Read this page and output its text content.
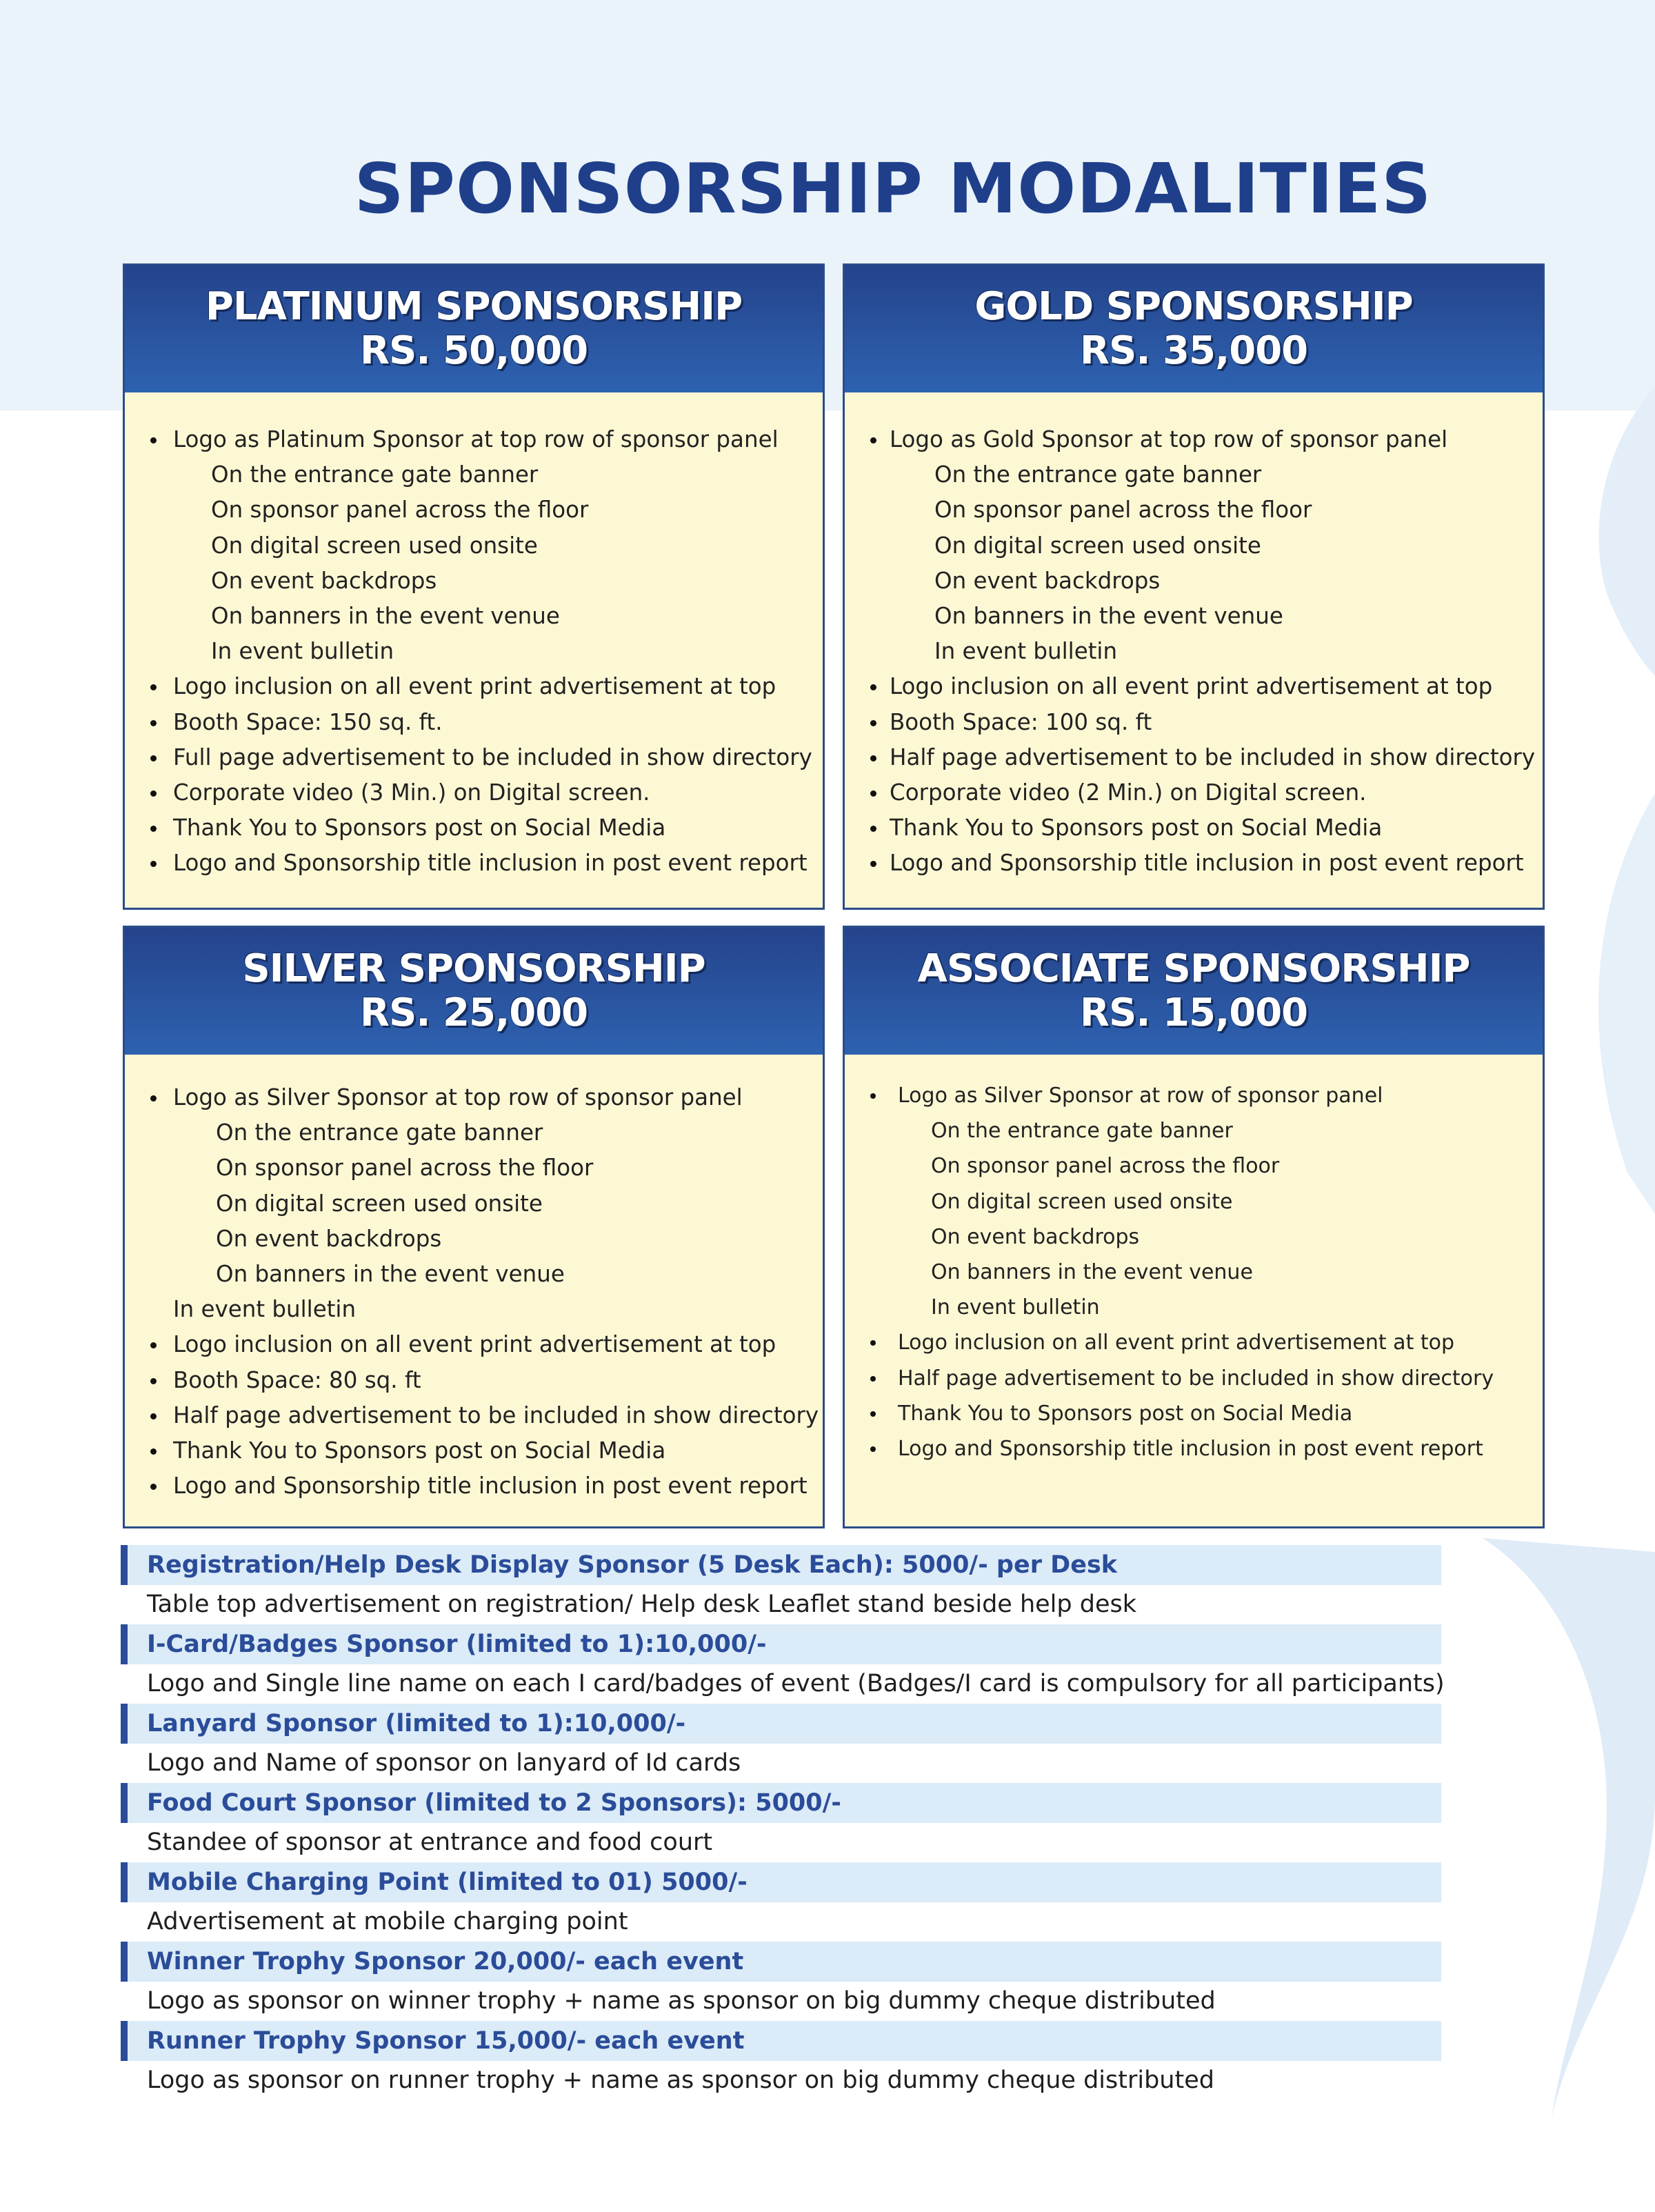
SPONSORSHIP MODALITIES
PLATINUM SPONSORSHIP
RS. 50,000
Logo as Platinum Sponsor at top row of sponsor panel
On the entrance gate banner
On sponsor panel across the floor
On digital screen used onsite
On event backdrops
On banners in the event venue
In event bulletin
Logo inclusion on all event print advertisement at top
Booth Space: 150 sq. ft.
Full page advertisement to be included in show directory
Corporate video (3 Min.) on Digital screen.
Thank You to Sponsors post on Social Media
Logo and Sponsorship title inclusion in post event report
GOLD SPONSORSHIP
RS. 35,000
Logo as Gold Sponsor at top row of sponsor panel
On the entrance gate banner
On sponsor panel across the floor
On digital screen used onsite
On event backdrops
On banners in the event venue
In event bulletin
Logo inclusion on all event print advertisement at top
Booth Space: 100 sq. ft
Half page advertisement to be included in show directory
Corporate video (2 Min.) on Digital screen.
Thank You to Sponsors post on Social Media
Logo and Sponsorship title inclusion in post event report
SILVER SPONSORSHIP
RS. 25,000
Logo as Silver Sponsor at top row of sponsor panel
On the entrance gate banner
On sponsor panel across the floor
On digital screen used onsite
On event backdrops
On banners in the event venue
In event bulletin
Logo inclusion on all event print advertisement at top
Booth Space: 80 sq. ft
Half page advertisement to be included in show directory
Thank You to Sponsors post on Social Media
Logo and Sponsorship title inclusion in post event report
ASSOCIATE SPONSORSHIP
RS. 15,000
Logo as Silver Sponsor at row of sponsor panel
On the entrance gate banner
On sponsor panel across the floor
On digital screen used onsite
On event backdrops
On banners in the event venue
In event bulletin
Logo inclusion on all event print advertisement at top
Half page advertisement to be included in show directory
Thank You to Sponsors post on Social Media
Logo and Sponsorship title inclusion in post event report
Registration/Help Desk Display Sponsor (5 Desk Each): 5000/- per Desk
Table top advertisement on registration/ Help desk Leaflet stand beside help desk
I-Card/Badges Sponsor (limited to 1):10,000/-
Logo and Single line name on each I card/badges of event (Badges/I card is compulsory for all participants)
Lanyard Sponsor (limited to 1):10,000/-
Logo and Name of sponsor on lanyard of Id cards
Food Court Sponsor (limited to 2 Sponsors): 5000/-
Standee of sponsor at entrance and food court
Mobile Charging Point (limited to 01) 5000/-
Advertisement at mobile charging point
Winner Trophy Sponsor 20,000/- each event
Logo as sponsor on winner trophy + name as sponsor on big dummy cheque distributed
Runner Trophy Sponsor 15,000/- each event
Logo as sponsor on runner trophy + name as sponsor on big dummy cheque distributed
